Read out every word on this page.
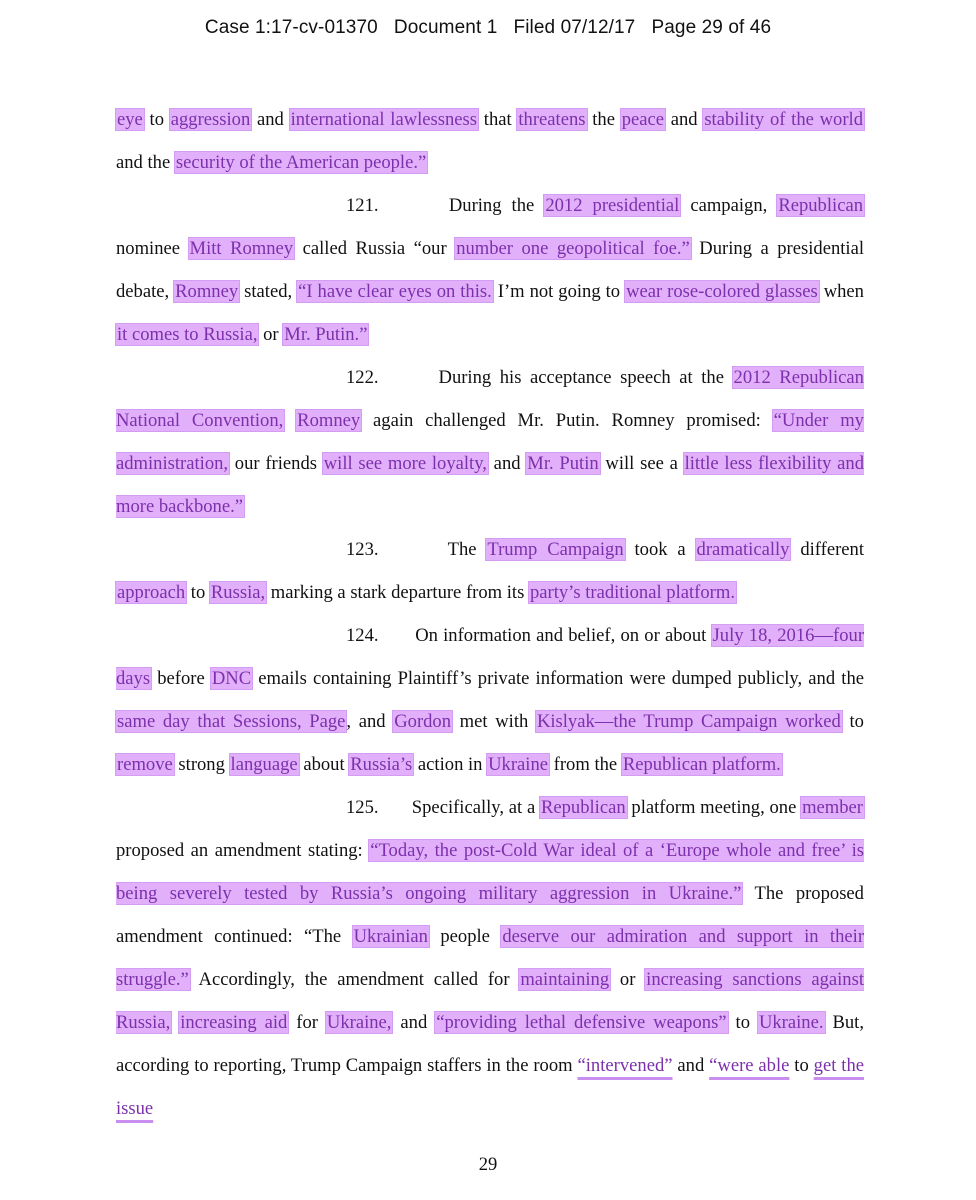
Case 1:17-cv-01370 Document 1 Filed 07/12/17 Page 29 of 46

eye to aggression and international lawlessness that threatens the peace and stability of the world and the security of the American people.”

121.	During the 2012 presidential campaign, Republican nominee Mitt Romney called Russia “our number one geopolitical foe.” During a presidential debate, Romney stated, “I have clear eyes on this. I’m not going to wear rose-colored glasses when it comes to Russia, or Mr. Putin.”

122.	During his acceptance speech at the 2012 Republican National Convention, Romney again challenged Mr. Putin. Romney promised: “Under my administration, our friends will see more loyalty, and Mr. Putin will see a little less flexibility and more backbone.”

123.	The Trump Campaign took a dramatically different approach to Russia, marking a stark departure from its party’s traditional platform.

124. On information and belief, on or about July 18, 2016—four days before DNC emails containing Plaintiff’s private information were dumped publicly, and the same day that Sessions, Page, and Gordon met with Kislyak—the Trump Campaign worked to remove strong language about Russia’s action in Ukraine from the Republican platform.

125. Specifically, at a Republican platform meeting, one member proposed an amendment stating: “Today, the post-Cold War ideal of a ‘Europe whole and free’ is being severely tested by Russia’s ongoing military aggression in Ukraine.” The proposed amendment continued: “The Ukrainian people deserve our admiration and support in their struggle.” Accordingly, the amendment called for maintaining or increasing sanctions against Russia, increasing aid for Ukraine, and “providing lethal defensive weapons” to Ukraine. But, according to reporting, Trump Campaign staffers in the room “intervened” and “were able to get the issue

29
